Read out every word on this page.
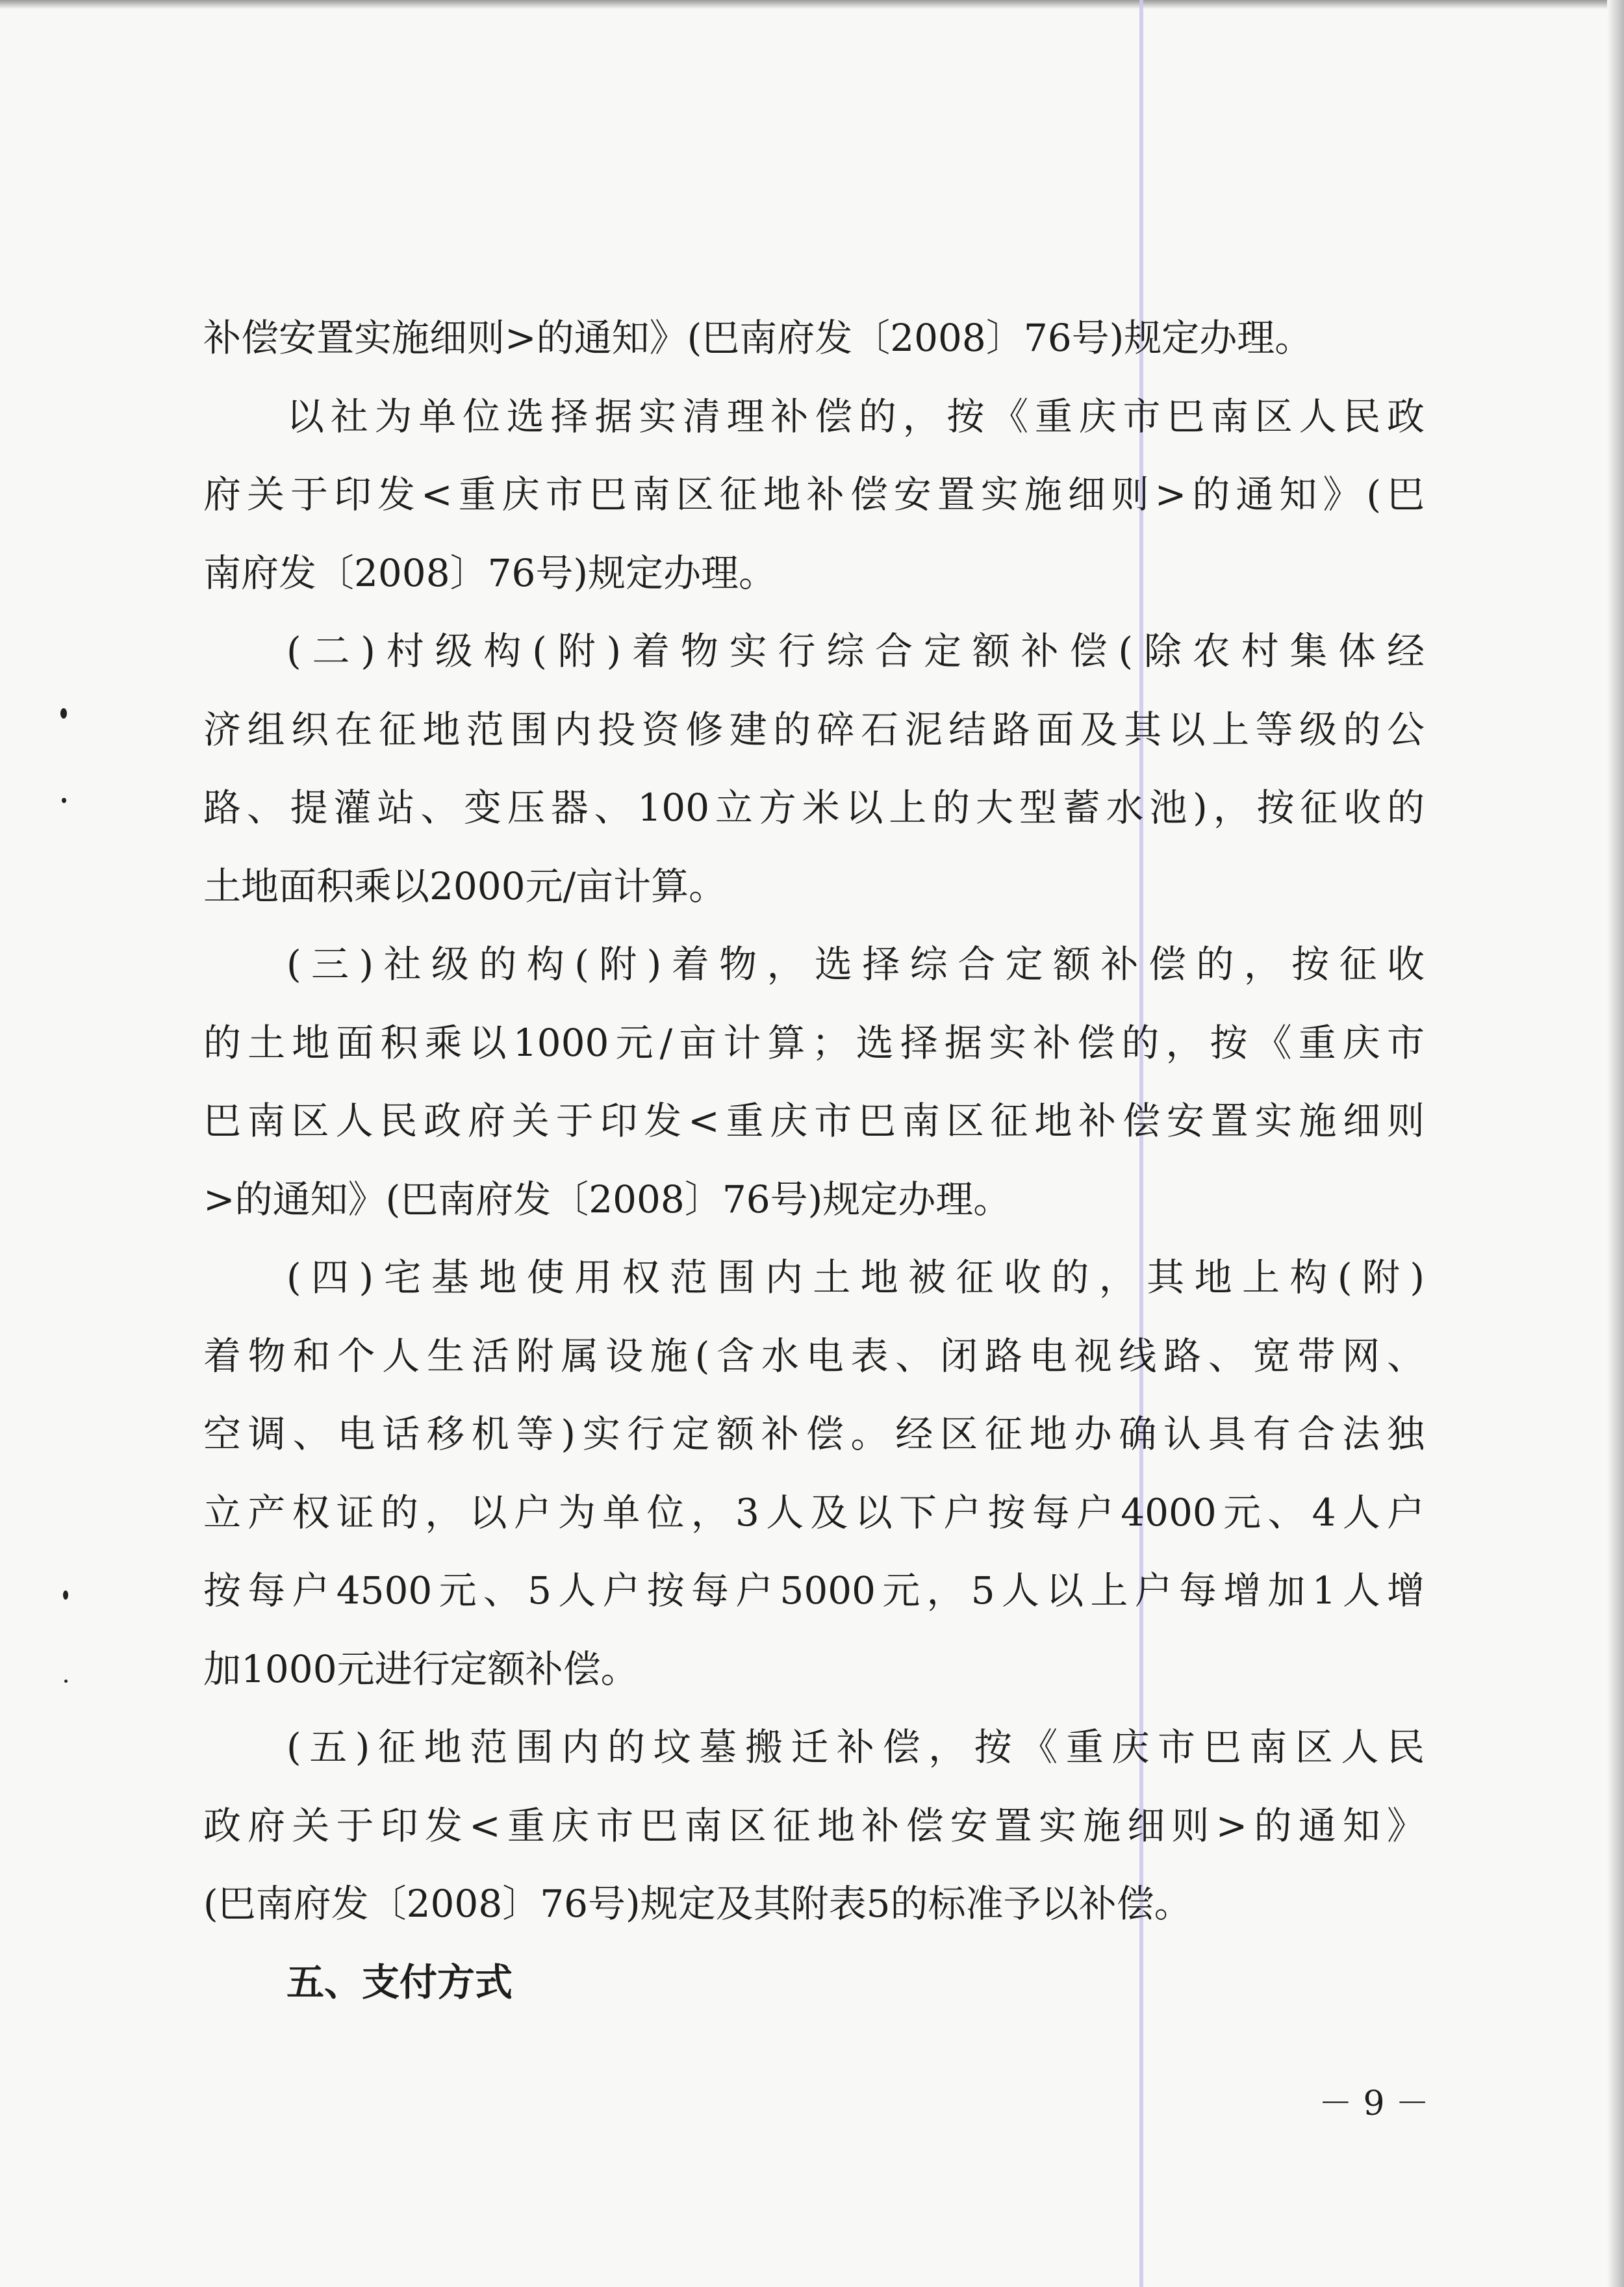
补偿安置实施细则>的通知》(巴南府发〔2008〕76号)规定办理。
以社为单位选择据实清理补偿的，按《重庆市巴南区人民政
府关于印发<重庆市巴南区征地补偿安置实施细则>的通知》(巴
南府发〔2008〕76号)规定办理。
(二)村级构(附)着物实行综合定额补偿(除农村集体经
济组织在征地范围内投资修建的碎石泥结路面及其以上等级的公
路、提灌站、变压器、100立方米以上的大型蓄水池)，按征收的
土地面积乘以2000元/亩计算。
(三)社级的构(附)着物，选择综合定额补偿的，按征收
的土地面积乘以1000元/亩计算；选择据实补偿的，按《重庆市
巴南区人民政府关于印发<重庆市巴南区征地补偿安置实施细则
>的通知》(巴南府发〔2008〕76号)规定办理。
(四)宅基地使用权范围内土地被征收的，其地上构(附)
着物和个人生活附属设施(含水电表、闭路电视线路、宽带网、
空调、电话移机等)实行定额补偿。经区征地办确认具有合法独
立产权证的，以户为单位，3人及以下户按每户4000元、4人户
按每户4500元、5人户按每户5000元，5人以上户每增加1人增
加1000元进行定额补偿。
(五)征地范围内的坟墓搬迁补偿，按《重庆市巴南区人民
政府关于印发<重庆市巴南区征地补偿安置实施细则>的通知》
(巴南府发〔2008〕76号)规定及其附表5的标准予以补偿。
五、支付方式
－ 9 －
